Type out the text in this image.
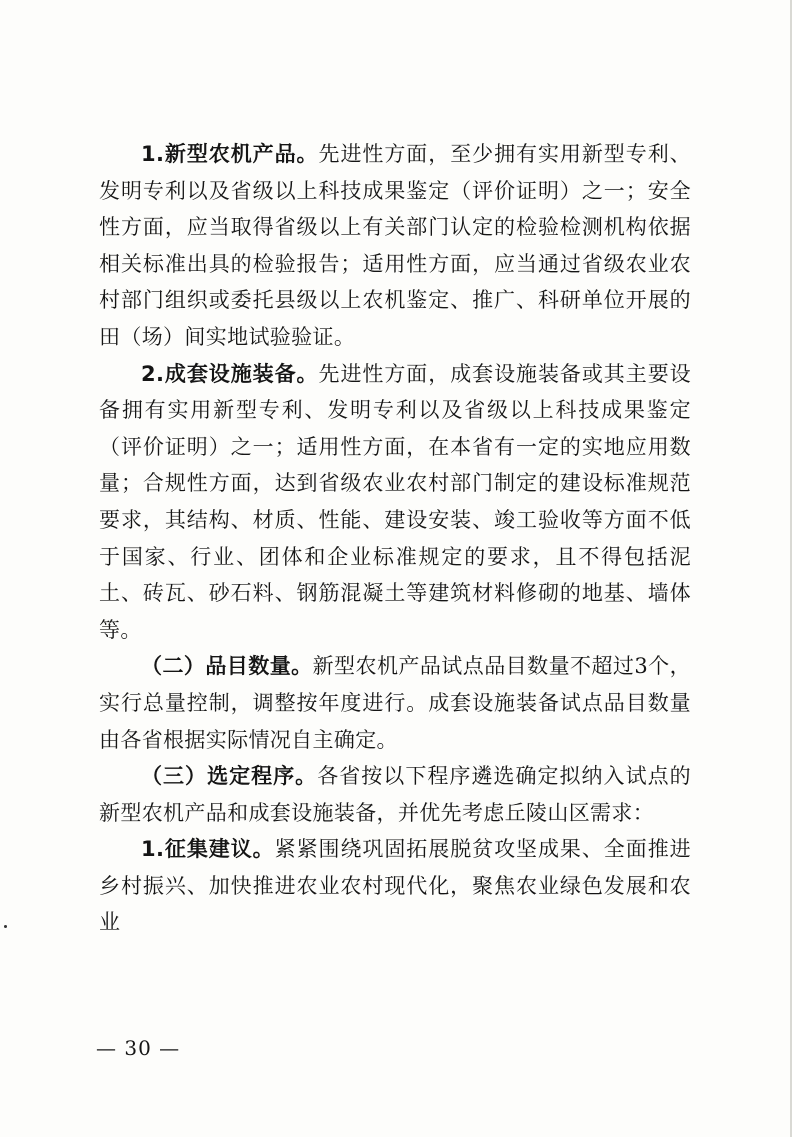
1.新型农机产品。先进性方面，至少拥有实用新型专利、发明专利以及省级以上科技成果鉴定（评价证明）之一；安全性方面，应当取得省级以上有关部门认定的检验检测机构依据相关标准出具的检验报告；适用性方面，应当通过省级农业农村部门组织或委托县级以上农机鉴定、推广、科研单位开展的田（场）间实地试验验证。

2.成套设施装备。先进性方面，成套设施装备或其主要设备拥有实用新型专利、发明专利以及省级以上科技成果鉴定（评价证明）之一；适用性方面，在本省有一定的实地应用数量；合规性方面，达到省级农业农村部门制定的建设标准规范要求，其结构、材质、性能、建设安装、竣工验收等方面不低于国家、行业、团体和企业标准规定的要求，且不得包括泥土、砖瓦、砂石料、钢筋混凝土等建筑材料修砌的地基、墙体等。

（二）品目数量。新型农机产品试点品目数量不超过3个，实行总量控制，调整按年度进行。成套设施装备试点品目数量由各省根据实际情况自主确定。

（三）选定程序。各省按以下程序遴选确定拟纳入试点的新型农机产品和成套设施装备，并优先考虑丘陵山区需求：

1.征集建议。紧紧围绕巩固拓展脱贫攻坚成果、全面推进乡村振兴、加快推进农业农村现代化，聚焦农业绿色发展和农业

— 30 —
